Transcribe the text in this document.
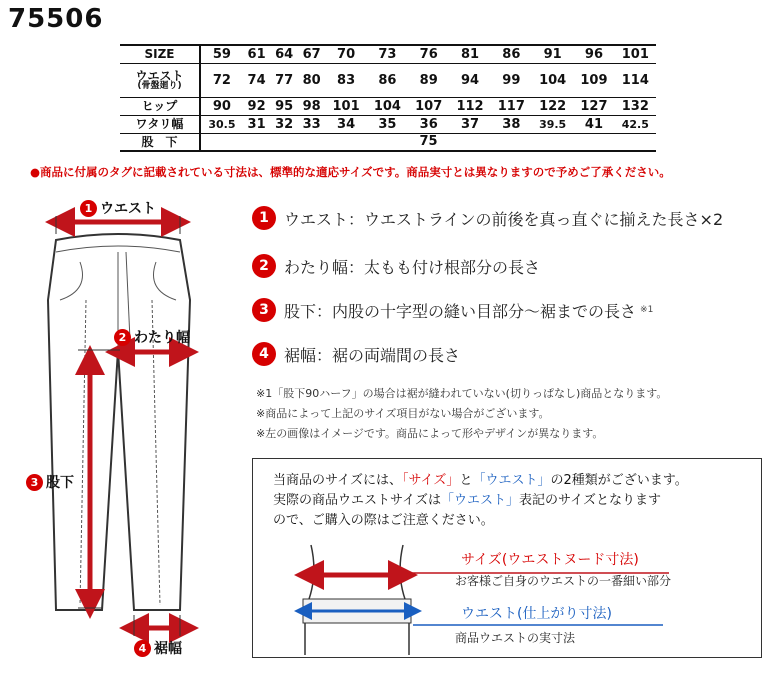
75506
SIZE	59	61	64	67	70	73	76	81	86	91	96	101
ウエスト
(骨盤廻り)	72	74	77	80	83	86	89	94	99	104	109	114
ヒップ	90	92	95	98	101	104	107	112	117	122	127	132
ワタリ幅	30.5	31	32	33	34	35	36	37	38	39.5	41	42.5
股　下	75											
●商品に付属のタグに記載されている寸法は、標準的な適応サイズです。商品実寸とは異なりますので予めご了承ください。
1 ウエスト
2 わたり幅
3 股下
4 裾幅
1 ウエスト ：ウエストラインの前後を真っ直ぐに揃えた長さ×2
2 わたり幅 ：太もも付け根部分の長さ
3 股下 ：内股の十字型の縫い目部分〜裾までの長さ ※1
4 裾幅 ：裾の両端間の長さ
※1「股下90ハーフ」の場合は裾が縫われていない(切りっぱなし)商品となります。
※商品によって上記のサイズ項目がない場合がございます。
※左の画像はイメージです。商品によって形やデザインが異なります。
当商品のサイズには、「サイズ」と「ウエスト」の2種類がございます。
実際の商品ウエストサイズは「ウエスト」表記のサイズとなります
ので、ご購入の際はご注意ください。
サイズ(ウエストヌード寸法)
お客様ご自身のウエストの一番細い部分
ウエスト(仕上がり寸法)
商品ウエストの実寸法
